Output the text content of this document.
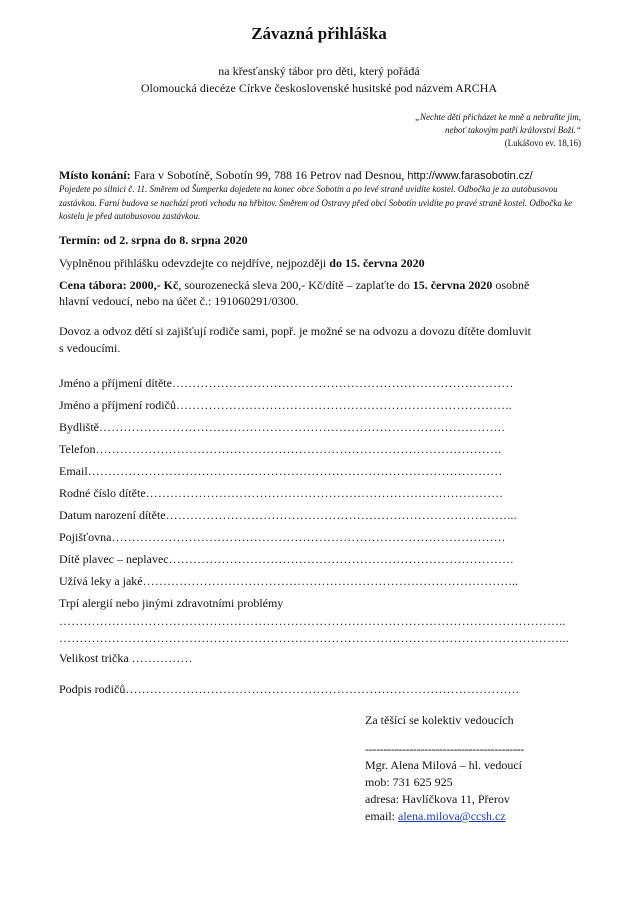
Závazná přihláška
na křesťanský tábor pro děti, který pořádá
Olomoucká diecéze Církve československé husitské pod názvem ARCHA
„Nechte děti přicházet ke mně a nebraňte jim,
neboť takovým patří království Boží.“
(Lukášovo ev. 18,16)
Místo konání: Fara v Sobotíně, Sobotín 99, 788 16 Petrov nad Desnou, http://www.farasobotin.cz/
Pojedete po silnici č. 11. Směrem od Šumperka dojedete na konec obce Sobotín a po levé straně uvidíte kostel. Odbočka je za autobusovou zastávkou. Farní budova se nachází proti vchodu na hřbitov. Směrem od Ostravy před obcí Sobotín uvidíte po pravé straně kostel. Odbočka ke kostelu je před autobusovou zastávkou.
Termín: od 2. srpna do 8. srpna 2020
Vyplněnou přihlášku odevzdejte co nejdříve, nejpozději do 15. června 2020
Cena tábora: 2000,- Kč, sourozenecká sleva 200,- Kč/dítě – zaplaťte do 15. června 2020 osobně
hlavní vedoucí, nebo na účet č.: 191060291/0300.
Dovoz a odvoz dětí si zajišťují rodiče sami, popř. je možné se na odvozu a dovozu dítěte domluvit
s vedoucími.
Jméno a příjmení dítěte…………………………………………………………………………
Jméno a příjmení rodičů………………………………………………………………………..
Bydliště……………………………………………………………………………………….
Telefon……………………………………………………………………………………….
Email…………………………………………………………………………………………
Rodné číslo dítěte…………………………………………………………………………….
Datum narození dítěte…………………………………………………………………………...
Pojišťovna…………………………………………………………………………………….
Dítě plavec – neplavec………………………………………………………………………….
Užívá leky a jaké………………………………………………………………………………...
Trpí alergií nebo jinými zdravotními problémy
……………………………………………………………………………………………………………..
……………………………………………………………………………………………………………...
Velikost trička ……………
Podpis rodičů…………………………………………………………………………………….
Za těšící se kolektiv vedoucích
-------------------------------------------
Mgr. Alena Milová – hl. vedoucí
mob: 731 625 925
adresa: Havlíčkova 11, Přerov
email: alena.milova@ccsh.cz
